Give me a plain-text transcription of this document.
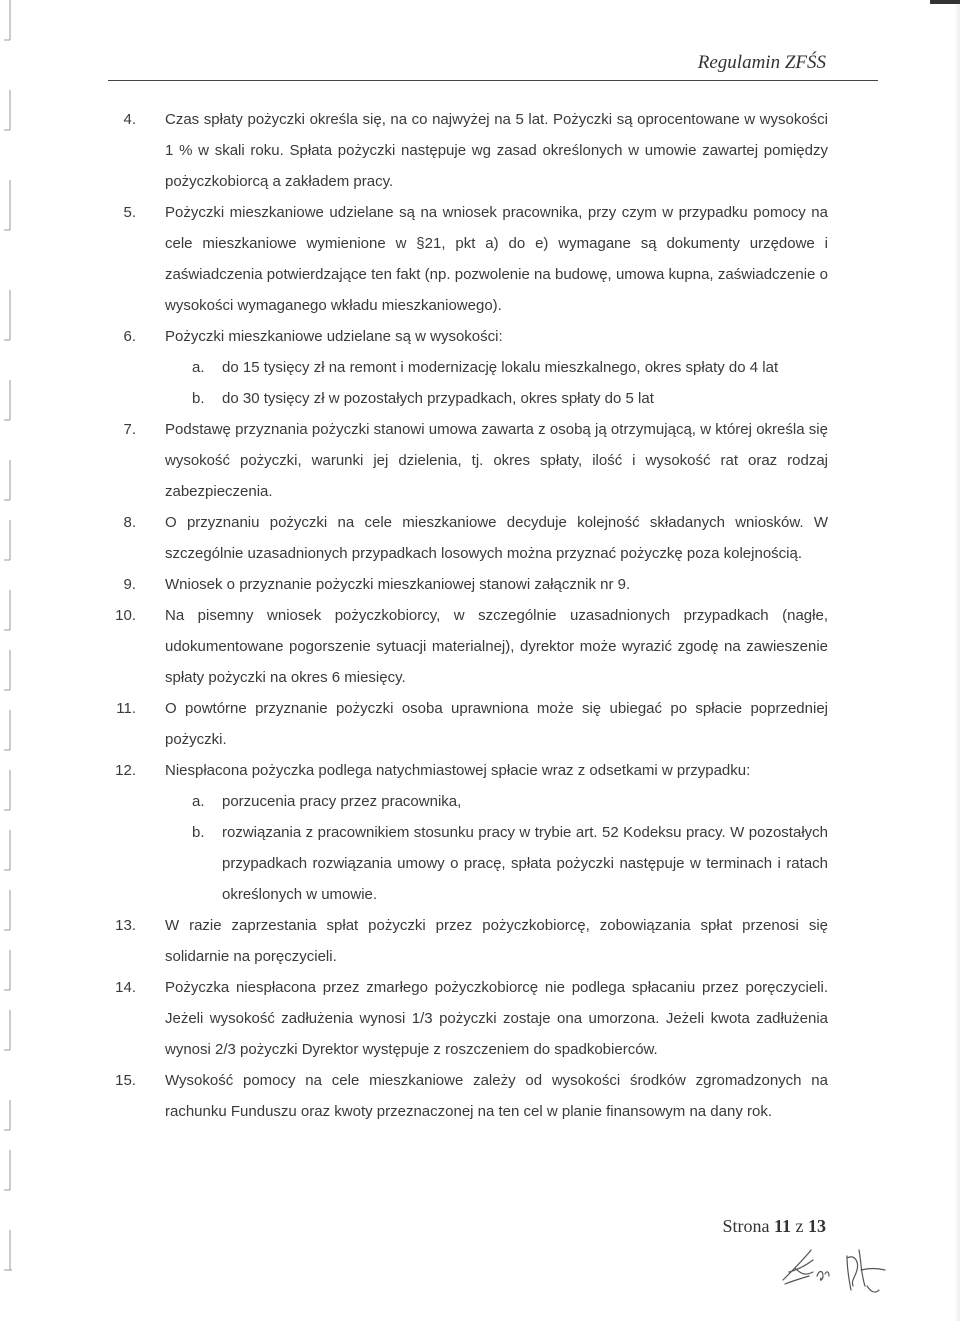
Regulamin ZFŚS
4. Czas spłaty pożyczki określa się, na co najwyżej na 5 lat. Pożyczki są oprocentowane w wysokości 1 % w skali roku. Spłata pożyczki następuje wg zasad określonych w umowie zawartej pomiędzy pożyczkobiorcą a zakładem pracy.
5. Pożyczki mieszkaniowe udzielane są na wniosek pracownika, przy czym w przypadku pomocy na cele mieszkaniowe wymienione w §21, pkt a) do e) wymagane są dokumenty urzędowe i zaświadczenia potwierdzające ten fakt (np. pozwolenie na budowę, umowa kupna, zaświadczenie o wysokości wymaganego wkładu mieszkaniowego).
6. Pożyczki mieszkaniowe udzielane są w wysokości:
a. do 15 tysięcy zł na remont i modernizację lokalu mieszkalnego, okres spłaty do 4 lat
b. do 30 tysięcy zł w pozostałych przypadkach, okres spłaty do 5 lat
7. Podstawę przyznania pożyczki stanowi umowa zawarta z osobą ją otrzymującą, w której określa się wysokość pożyczki, warunki jej dzielenia, tj. okres spłaty, ilość i wysokość rat oraz rodzaj zabezpieczenia.
8. O przyznaniu pożyczki na cele mieszkaniowe decyduje kolejność składanych wniosków. W szczególnie uzasadnionych przypadkach losowych można przyznać pożyczkę poza kolejnością.
9. Wniosek o przyznanie pożyczki mieszkaniowej stanowi załącznik nr 9.
10. Na pisemny wniosek pożyczkobiorcy, w szczególnie uzasadnionych przypadkach (nagłe, udokumentowane pogorszenie sytuacji materialnej), dyrektor może wyrazić zgodę na zawieszenie spłaty pożyczki na okres 6 miesięcy.
11. O powtórne przyznanie pożyczki osoba uprawniona może się ubiegać po spłacie poprzedniej pożyczki.
12. Niespłacona pożyczka podlega natychmiastowej spłacie wraz z odsetkami w przypadku:
a. porzucenia pracy przez pracownika,
b. rozwiązania z pracownikiem stosunku pracy w trybie art. 52 Kodeksu pracy. W pozostałych przypadkach rozwiązania umowy o pracę, spłata pożyczki następuje w terminach i ratach określonych w umowie.
13. W razie zaprzestania spłat pożyczki przez pożyczkobiorcę, zobowiązania spłat przenosi się solidarnie na poręczycieli.
14. Pożyczka niespłacona przez zmarłego pożyczkobiorcę nie podlega spłacaniu przez poręczycieli. Jeżeli wysokość zadłużenia wynosi 1/3 pożyczki zostaje ona umorzona. Jeżeli kwota zadłużenia wynosi 2/3 pożyczki Dyrektor występuje z roszczeniem do spadkobierców.
15. Wysokość pomocy na cele mieszkaniowe zależy od wysokości środków zgromadzonych na rachunku Funduszu oraz kwoty przeznaczonej na ten cel w planie finansowym na dany rok.
Strona 11 z 13
